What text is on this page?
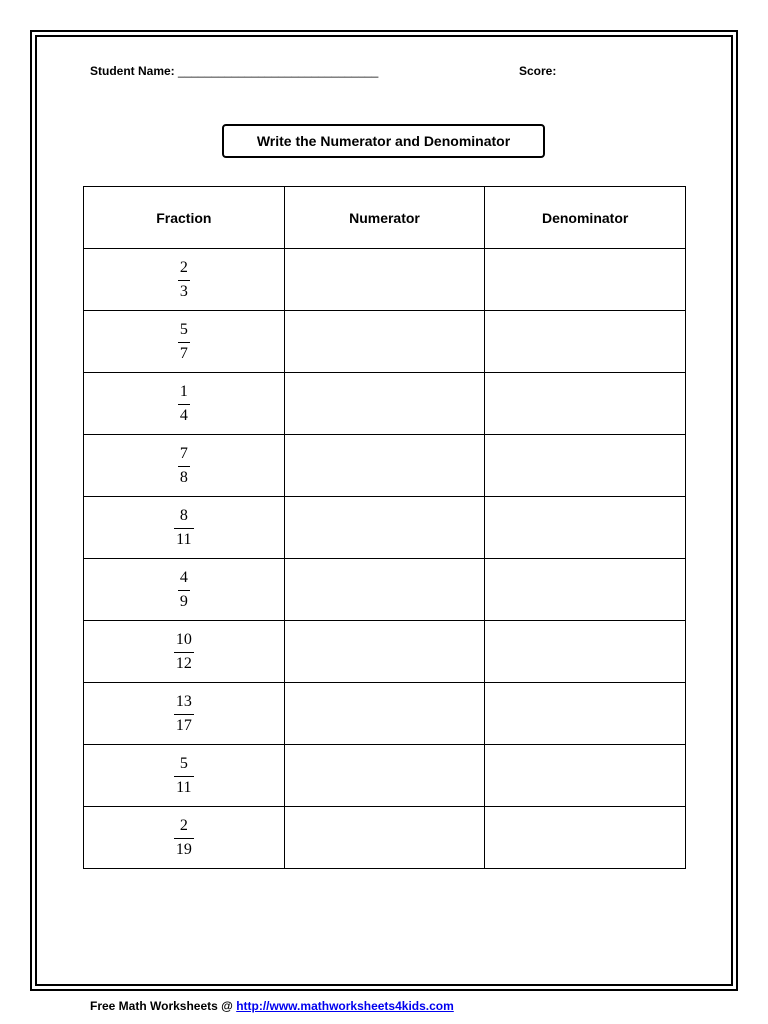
Student Name: ______________________________	Score:
Write the Numerator and Denominator
Fraction	Numerator	Denominator

$\frac{2}{3}$

$\frac{5}{7}$

$\frac{1}{4}$

$\frac{7}{8}$

$\frac{8}{11}$

$\frac{4}{9}$

$\frac{10}{12}$

$\frac{13}{17}$

$\frac{5}{11}$

$\frac{2}{19}$

Free Math Worksheets @ http://www.mathworksheets4kids.com
